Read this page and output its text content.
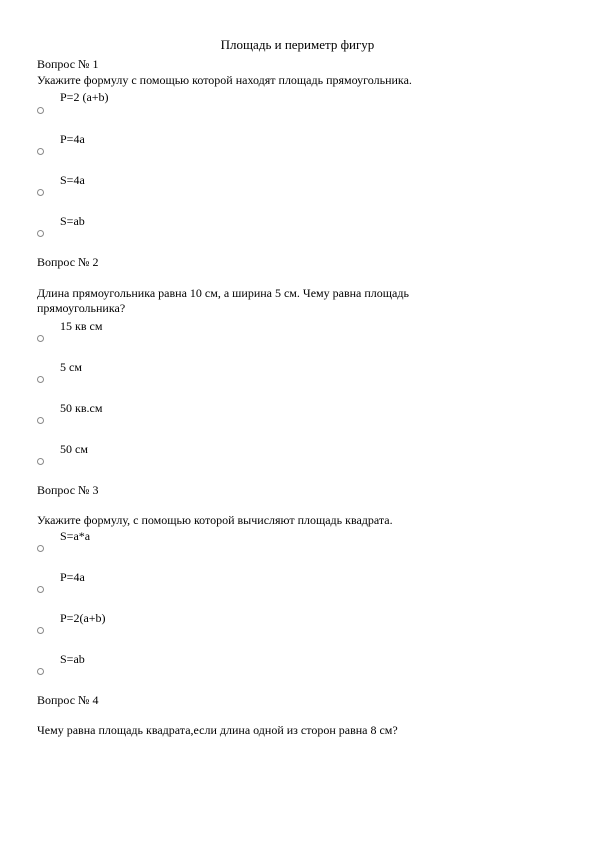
Площадь и периметр фигур
Вопрос № 1
Укажите формулу с помощью которой находят площадь прямоугольника.
P=2 (a+b)
P=4a
S=4a
S=ab
Вопрос № 2
Длина прямоугольника равна 10 см, а ширина 5 см. Чему равна площадь прямоугольника?
15 кв см
5 см
50 кв.см
50 см
Вопрос № 3
Укажите формулу, с помощью которой вычисляют площадь квадрата.
S=a*a
P=4a
P=2(a+b)
S=ab
Вопрос № 4
Чему равна площадь квадрата,если длина одной из сторон равна 8 см?
